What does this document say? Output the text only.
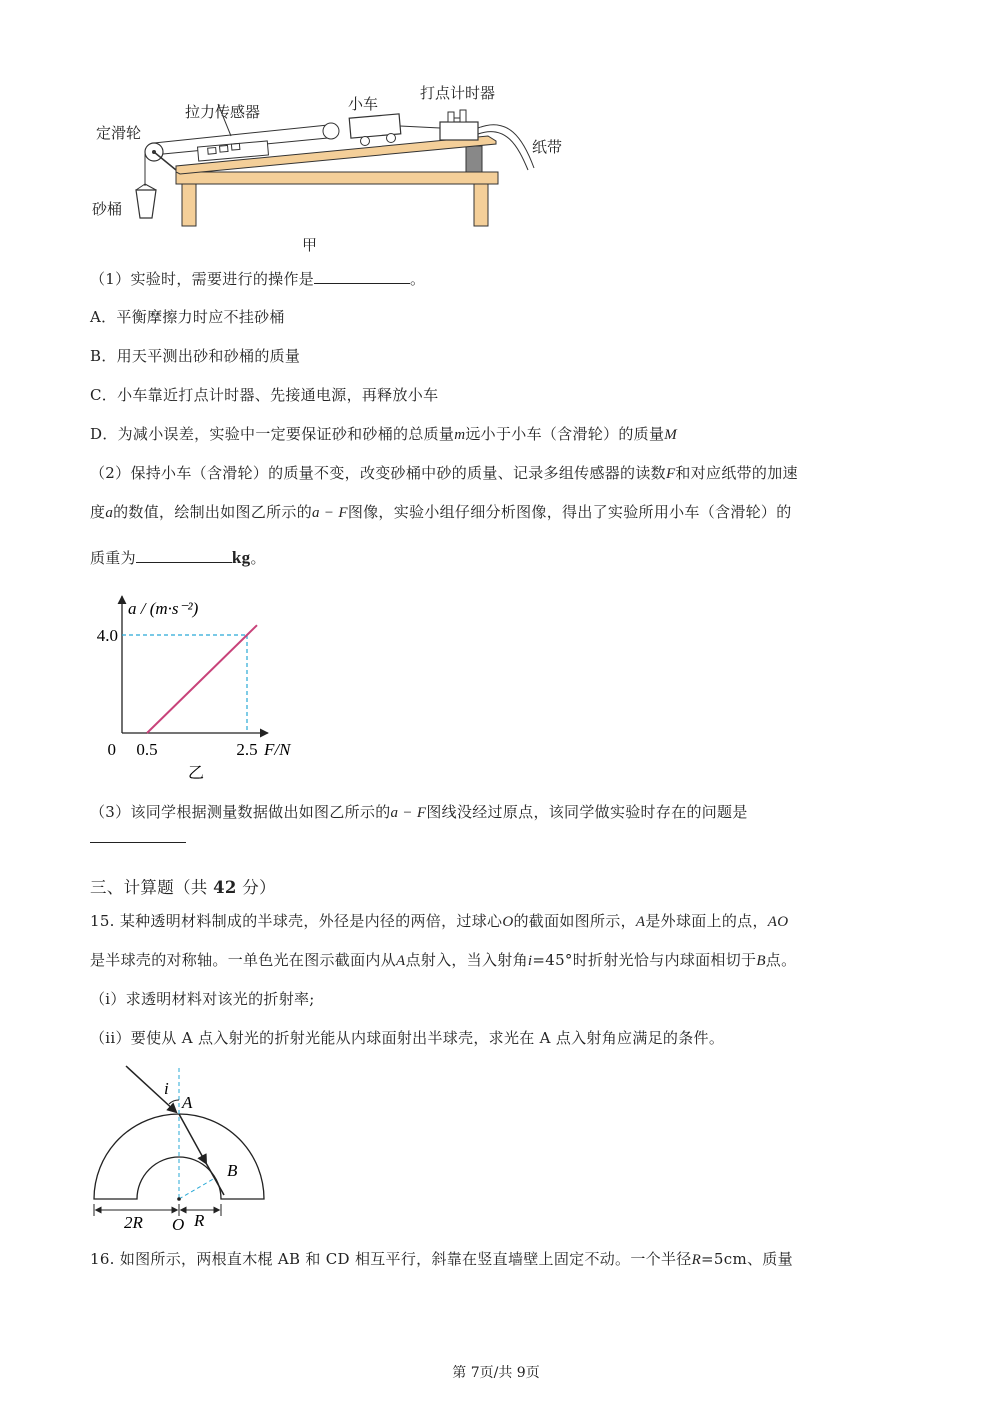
定滑轮
拉力传感器	小车
打点计时器
纸带
砂桶
甲
（1）实验时，需要进行的操作是	。
A．平衡摩擦力时应不挂砂桶
B．用天平测出砂和砂桶的质量
C．小车靠近打点计时器、先接通电源，再释放小车
D．为减小误差，实验中一定要保证砂和砂桶的总质量m远小于小车（含滑轮）的质量M
（2）保持小车（含滑轮）的质量不变，改变砂桶中砂的质量、记录多组传感器的读数F和对应纸带的加速
度a的数值，绘制出如图乙所示的a − F图像，实验小组仔细分析图像，得出了实验所用小车（含滑轮）的
质重为	kg。
0.5	2.5
4.0
a / (m·s⁻²)
0	F/N
乙
（3）该同学根据测量数据做出如图乙所示的a − F图线没经过原点，该同学做实验时存在的问题是
三、计算题（共 42 分）
15. 某种透明材料制成的半球壳，外径是内径的两倍，过球心O的截面如图所示，A是外球面上的点，AO
是半球壳的对称轴。一单色光在图示截面内从A点射入，当入射角i=45°时折射光恰与内球面相切于B点。
（i）求透明材料对该光的折射率;
（ii）要使从 A 点入射光的折射光能从内球面射出半球壳，求光在 A 点入射角应满足的条件。
i
A
B
O
2R	R
16. 如图所示，两根直木棍 AB 和 CD 相互平行，斜靠在竖直墙壁上固定不动。一个半径R=5cm、质量
第 7页/共 9页
